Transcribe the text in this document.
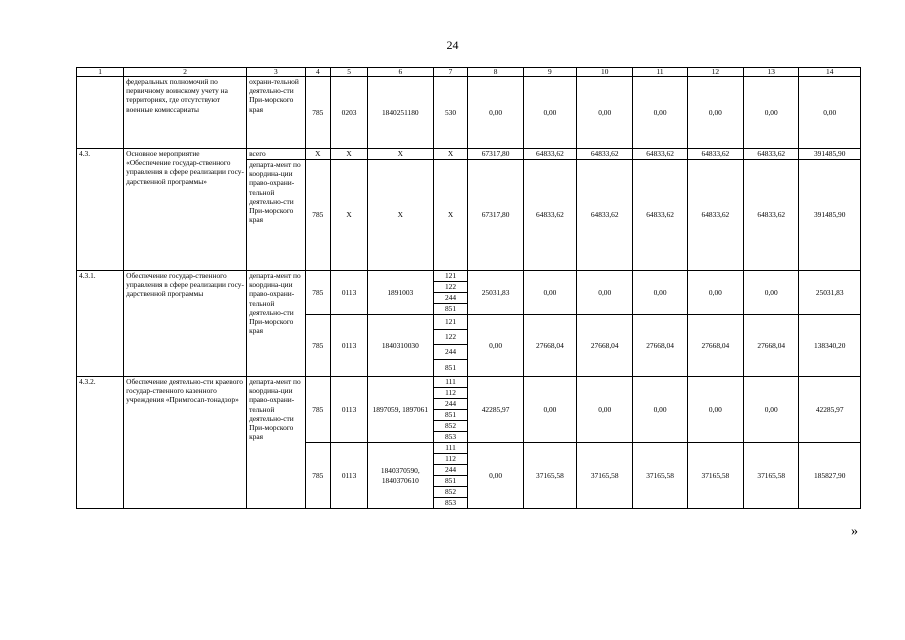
24
1	2	3	4	5	6	7	8	9	10	11	12	13	14
	федеральных полномочий по первичному воинскому учету на территориях, где отсутствуют военные комиссариаты	охрани-тельной деятельно-сти При-морского края	785	0203	1840251180	530	0,00	0,00	0,00	0,00	0,00	0,00	0,00
4.3.	Основное мероприятие «Обеспечение государ-ственного управления в сфере реализации госу-дарственной программы»	всего	Х	Х	Х	Х	67317,80	64833,62	64833,62	64833,62	64833,62	64833,62	391485,90
		департа-мент по координа-ции право-охрани-тельной деятельно-сти При-морского края	785	Х	Х	Х	67317,80	64833,62	64833,62	64833,62	64833,62	64833,62	391485,90
4.3.1.	Обеспечение государ-ственного управления в сфере реализации госу-дарственной программы	департа-мент по координа-ции право-охрани-тельной деятельно-сти При-морского края	785	0113	1891003	121	25031,83	0,00	0,00	0,00	0,00	0,00	25031,83
						122							
						244							
						851							
			785	0113	1840310030	121	0,00	27668,04	27668,04	27668,04	27668,04	27668,04	138340,20
						122							
						244							
						851							
4.3.2.	Обеспечение деятельно-сти краевого государ-ственного казенного учреждения «Примгосап-тонадзор»	департа-мент по координа-ции право-охрани-тельной деятельно-сти При-морского края	785	0113	1897059, 1897061	111	42285,97	0,00	0,00	0,00	0,00	0,00	42285,97
						112							
						244							
						851							
						852							
						853							
			785	0113	1840370590, 1840370610	111	0,00	37165,58	37165,58	37165,58	37165,58	37165,58	185827,90
						112							
						244							
						851							
						852							
						853							
»
